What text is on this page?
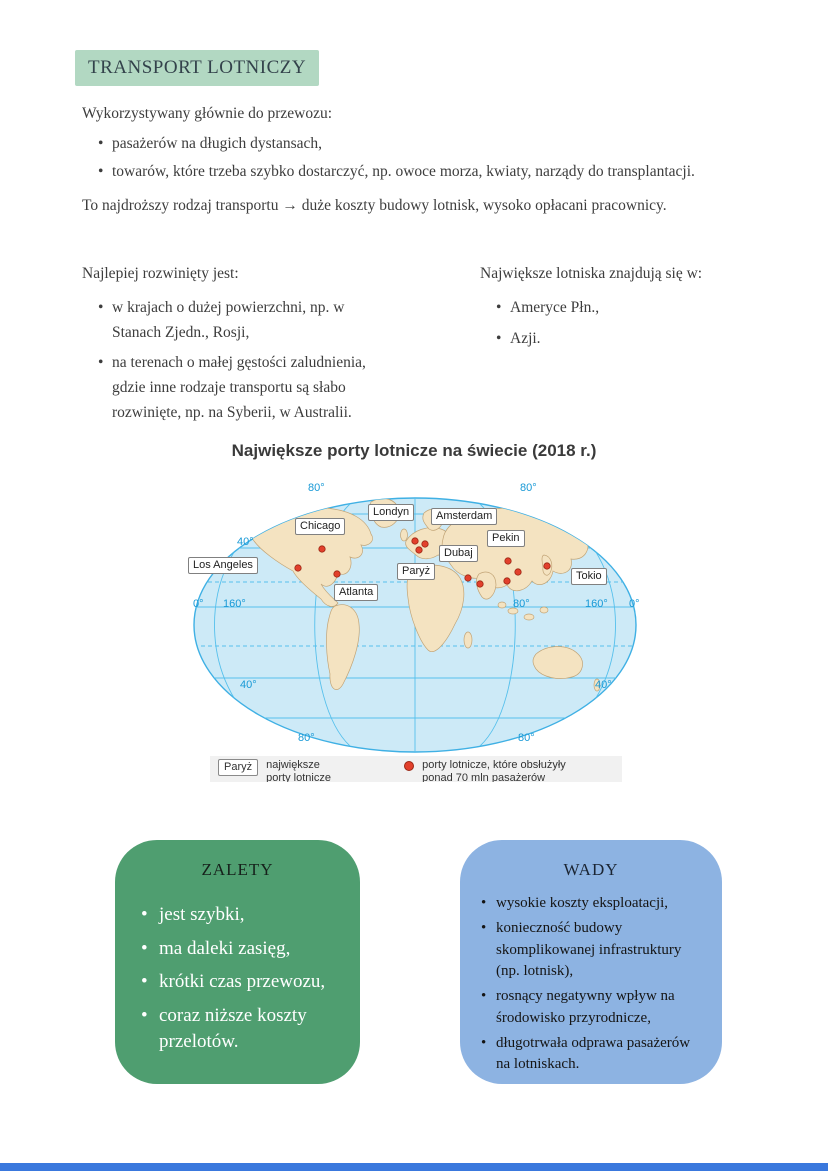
TRANSPORT LOTNICZY

Wykorzystywany głównie do przewozu:

• pasażerów na długich dystansach,
• towarów, które trzeba szybko dostarczyć, np. owoce morza, kwiaty, narządy do transplantacji.

To najdroższy rodzaj transportu → duże koszty budowy lotnisk, wysoko opłacani pracownicy.

Najlepiej rozwinięty jest:

• w krajach o dużej powierzchni, np. w Stanach Zjedn., Rosji,
• na terenach o małej gęstości zaludnienia, gdzie inne rodzaje transportu są słabo rozwinięte, np. na Syberii, w Australii.

Największe lotniska znajdują się w:

• Ameryce Płn.,
• Azji.
Największe porty lotnicze na świecie (2018 r.)
80°	80°
40°
0° 160°	80°	160° 0°
40°	40°
80°	80°
Los Angeles
Chicago
Atlanta
Londyn
Paryż
Amsterdam
Dubaj
Pekin
Tokio
Paryż	największe
porty lotnicze
porty lotnicze, które obsłużyły
ponad 70 mln pasażerów
ZALETY
• jest szybki,
• ma daleki zasięg,
• krótki czas przewozu,
• coraz niższe koszty przelotów.
WADY
• wysokie koszty eksploatacji,
• konieczność budowy skomplikowanej infrastruktury (np. lotnisk),
• rosnący negatywny wpływ na środowisko przyrodnicze,
• długotrwała odprawa pasażerów na lotniskach.
